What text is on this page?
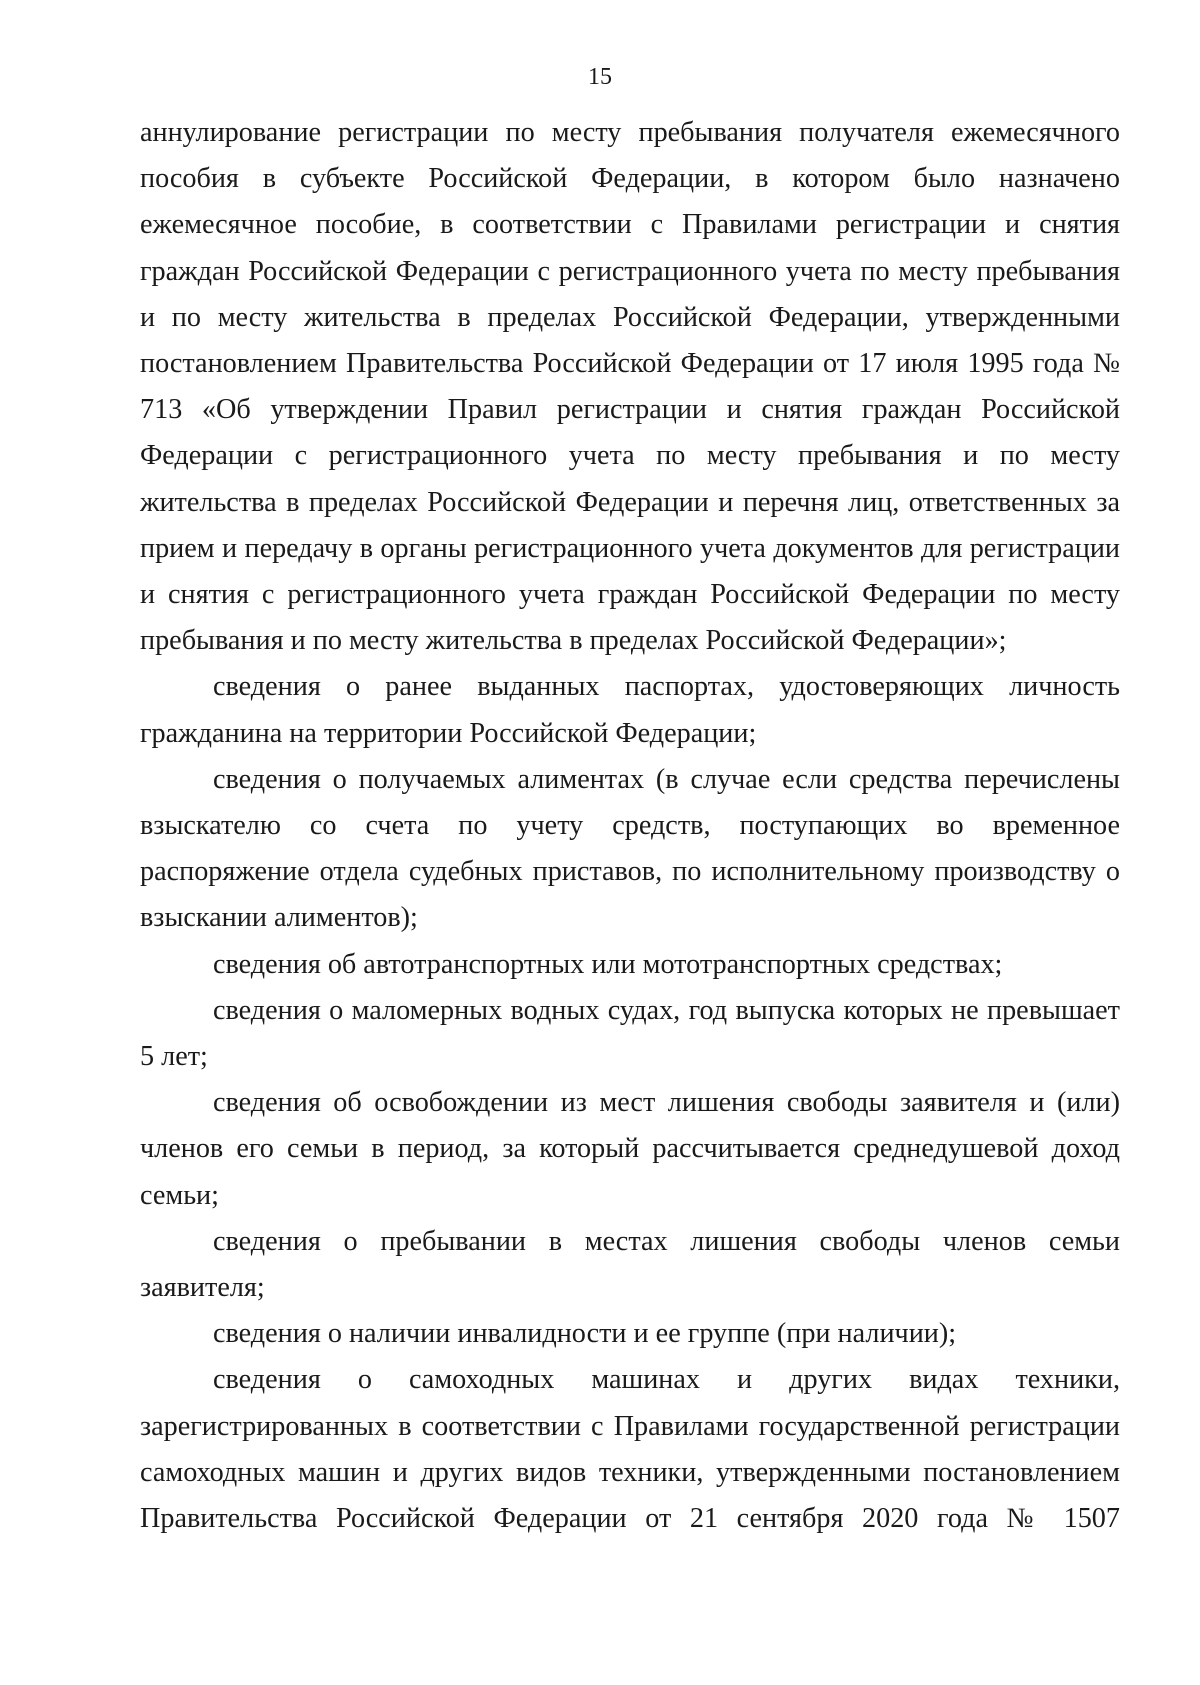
15

аннулирование регистрации по месту пребывания получателя ежемесячного пособия в субъекте Российской Федерации, в котором было назначено ежемесячное пособие, в соответствии с Правилами регистрации и снятия граждан Российской Федерации с регистрационного учета по месту пребывания и по месту жительства в пределах Российской Федерации, утвержденными постановлением Правительства Российской Федерации от 17 июля 1995 года № 713 «Об утверждении Правил регистрации и снятия граждан Российской Федерации с регистрационного учета по месту пребывания и по месту жительства в пределах Российской Федерации и перечня лиц, ответственных за прием и передачу в органы регистрационного учета документов для регистрации и снятия с регистрационного учета граждан Российской Федерации по месту пребывания и по месту жительства в пределах Российской Федерации»;

сведения о ранее выданных паспортах, удостоверяющих личность гражданина на территории Российской Федерации;

сведения о получаемых алиментах (в случае если средства перечислены взыскателю со счета по учету средств, поступающих во временное распоряжение отдела судебных приставов, по исполнительному производству о взыскании алиментов);

сведения об автотранспортных или мототранспортных средствах;

сведения о маломерных водных судах, год выпуска которых не превышает 5 лет;

сведения об освобождении из мест лишения свободы заявителя и (или) членов его семьи в период, за который рассчитывается среднедушевой доход семьи;

сведения о пребывании в местах лишения свободы членов семьи заявителя;

сведения о наличии инвалидности и ее группе (при наличии);

сведения о самоходных машинах и других видах техники, зарегистрированных в соответствии с Правилами государственной регистрации самоходных машин и других видов техники, утвержденными постановлением Правительства Российской Федерации от 21 сентября 2020 года № 1507
